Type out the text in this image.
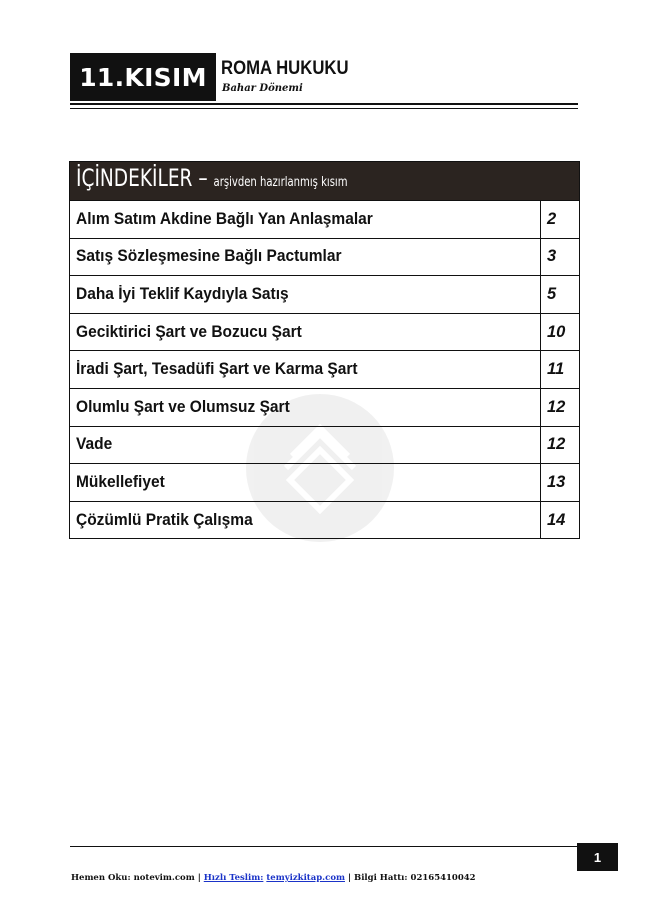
11.KISIM ROMA HUKUKU
Bahar Dönemi
İÇİNDEKİLER – arşivden hazırlanmış kısım
Alım Satım Akdine Bağlı Yan Anlaşmalar	2
Satış Sözleşmesine Bağlı Pactumlar	3
Daha İyi Teklif Kaydıyla Satış	5
Geciktirici Şart ve Bozucu Şart	10
İradi Şart, Tesadüfi Şart ve Karma Şart	11
Olumlu Şart ve Olumsuz Şart	12
Vade	12
Mükellefiyet	13
Çözümlü Pratik Çalışma	14
1
Hemen Oku: notevim.com | Hızlı Teslim: temyizkitap.com | Bilgi Hattı: 02165410042
